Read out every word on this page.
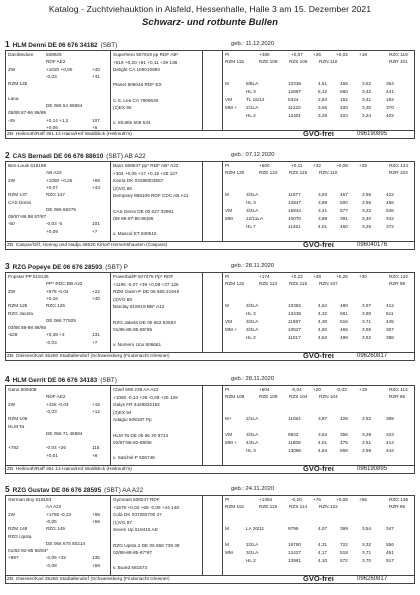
Katalog - Zuchtviehauktion in Alsfeld, Hessenhalle, Halle 3 am 15. Dezember 2021
Schwarz- und rotbunte Bullen
1 HLM Denni DE 06 676 34182 (SBT)	geb.: 11.12.2020
Dambledore	508925
RDF AE2
ZW	+1020 +0,00	+40
-0,03	+31
RZM 125
Lana
DE 066 54 65964
05/88 87-86 86/86
-49	+0,14 +1,2	107
+0,06	+5
Superhero 507919 pp RDF AB*
+519 +0,20 +81 +0,11 +29 138
Delight CA 109010983
Planet 506046 RDF EX
C.S. Lea CA 7809630
(2)EX 90
v. Shottle 505 534
PI	+486	+0,07 +26	+0,02 +18	RZG 119
RZM 115	RZE 109 RZS 105 RZN 110	RZR 101
M	8/8LA	10338	4,51	466	3,52	364
HL 3	12897	5,12	660	3,42	441
VM	TL 16/12	5344	2,84	152	3,41	182
MM + 2/1LA	11222	3,56	400	3,30	370
HL 2	12401	3,25	403	3,24	402
ZB: Heilmuth/Raff 351 14 Haina/Hof Waldblick (Heilmuth's)	GVO-frei	096190895
2 CAS Bernadi DE 06 676 88610 (SBT) AB A22	geb.: 07.12.2020
Ben-Louis 619198
AB A22
2W	+1050 +0,26	+69
+0,07	+43
RZM 137	RZG 147
CAS Dorini
DE 066 69276
05/87-86 88 87/87
-50	-0,03 -5	101
+0,09	+7
Banz 508537 pp* RDF AB* A22
+304 +0,05 +17 +0,15 +26 127
Karria DK 03286003557
(2)VG 86
Dempsey 889109 RDF CDC AB A11
CAS Denis DE 00 627 33981
(99 89-87-85-86)86
v. Mascol ET 840515
PI	+500	+0,11 +32	+0,08 +25	RZG 124
RZM 120	RZE 123 RZS 115	RZN 110	RZR 103
M	3/3LA	11877	3,93	467	3,55	422
HL 3	12847	3,89	500	3,55	456
VM	3/2LA	16942	3,41	577	3,22	546
MM	12/11LA	10070	3,88	391	3,40	342
HL 7	11461	4,01	460	3,25	372
ZB: Caspar/Gilf, Honnig und Nadja 36520 Kirtorf Hirmertshausen (Caspars)	GVO-frei	096040176
3 RZG Popeye DE 06 676 28593 (SBT) P	geb.: 28.11.2020
Popstar PP 619135
PP* RDC BB A22
ZW	+675 -0,04	+22
+0,16	+40
RZM 125	RZG 125
RZG Jaceta
DE 066 77925
03/88 88-88 88/86
-528	+0,48 +3	131
-0,03	+7
PowerballP 507476 Pp* RDF
+1195 -0,07 +39 +0,08 +37 126
RZM Gwen-P DE 06 665 21949
(3)VG 89
Barclay 619019 BB* A12
RZG Jaketa DE 06 662 62553
01/86-85-85-85*85
v. Numero Uno 506661
PI	+174	+0,22 +28	+0,25 +30	RZG 122
RZM 122	RZE 113	RZS 115	RZN 107	RZR 99
M	3/3LA	10382	4,62	480	3,97	412
HL 3	13435	4,32	581	3,80	511
VM	3/2LA	11987	4,30	516	3,71	445
MM + 3/3LA	10527	4,50	465	3,55	367
HL 2	11017	4,52	498	3,52	388
ZB: Gleisner/Karl 35260 Stadtallendorf (Schweinsberg (Findenacht Gleisner)	GVO-frei	096260817
4 HLM Gerrit DE 06 676 34183 (SBT)	geb.: 28.11.2020
Gano 509408
RDF AE2
2W	+426 -0,04	+15
-0,03	+12
RZM 109
HLM Ta
DE 066 71 46584
+782	-0,04 +26	115
+0,01	+8
Chief 508 239 AA A22
+1060 -0,14 +26 -0,09 +26 129
Galys FR 4429822152
(3)EX 94
Adagio 508187 Pp
HLM Ta DE 06 66 20 9714
02/87-86-82-88/86
v. Satchel-P 506748
PI	+604	-0,04 +20	-0,02	+19	RZG 114
RZM 108	RZE 109 RZS 104 RZN 104	RZR 96
M+	2/1LA	11064	3,87	428	3,52	389
VM	3/3LA	9842	3,62	356	3,28	323
MM + 4/4LA	11808	4,01	475	3,51	414
HL 3	13096	4,54	568	3,59	444
ZB: Heilmuth/Raff 351 14 Haina/Hof Waldblick (Heilmuth's)	GVO-frei	096190895
5 RZG Gustav DE 06 676 28595 (SBT) AA A22	geb.: 24.11.2020
German Boy 619193
AA A22
2W	+1755 -0,23	+95
-0,05	+56
RZM 148	RZG 145
RZG Upsta
DE 066 675 50214
01/82-82-85 86/84*
+897	-0,05 +32	135
-0,08	+59
Gymnast 508247 RDF
+1675 +0,02 +68 -0,06 +44 148
Cola DK 037250700 47
(1)VG 87
Seven Up 619415 AE
RZG Upsta 2 DE 06 668 739 38
02/88-88-85-87*87
v. Board 681573
PI	+1364	-0,20 +76	+0,08 +56	RZG 139
RZM 151	RZE 119	RZS 114	RZN 122	RZR 96
M	LA 20/11	9795	4,07	399	3,54	347
M	2/2LA	16750	4,31	722	3,32	556
MM	3/2LA	12427	4,17	518	3,71	461
HL 2	13961	4,10	572	3,70	517
ZB: Gleisner/Karl 35260 Stadtallendorf (Schweinsberg (Findenacht Gleisner)	GVO-frei	096260817
